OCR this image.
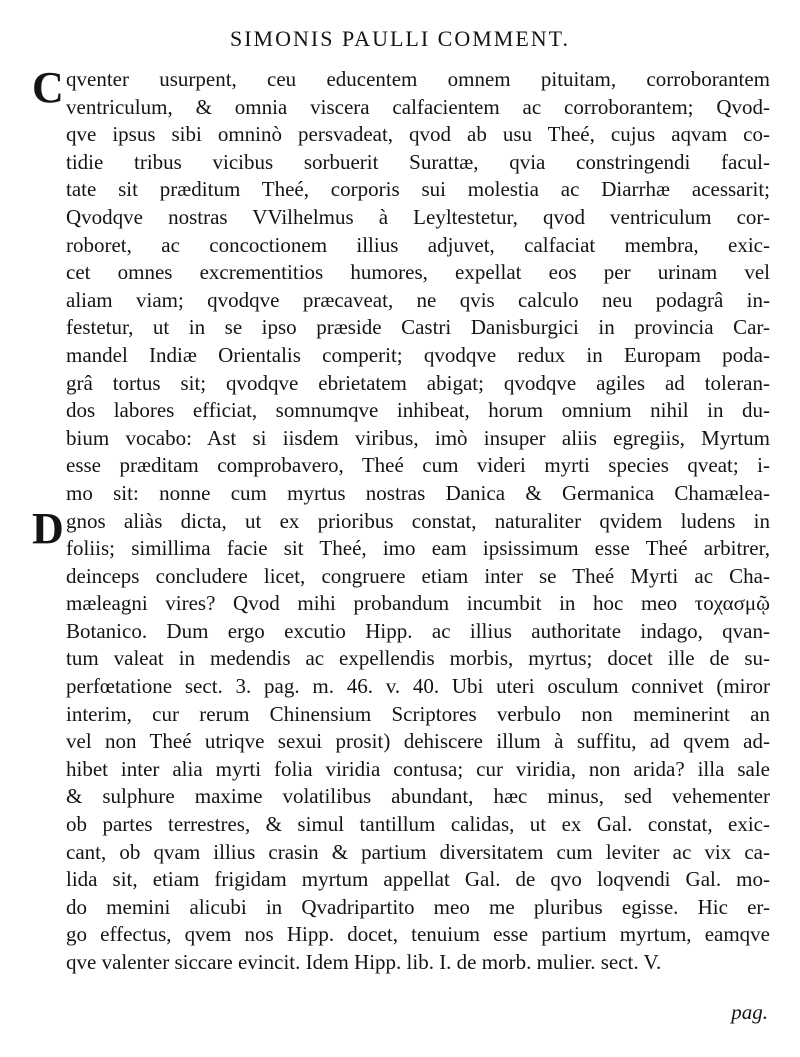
SIMONIS PAULLI COMMENT.
C
D
qventer usurpent, ceu educentem omnem pituitam, corroborantem
ventriculum, & omnia viscera calfacientem ac corroborantem; Qvod-
qve ipsus sibi omninò persvadeat, qvod ab usu Theé, cujus aqvam co-
tidie tribus vicibus sorbuerit Surattæ, qvia constringendi facul-
tate sit præditum Theé, corporis sui molestia ac Diarrhæ acessarit;
Qvodqve nostras VVilhelmus à Leyltestetur, qvod ventriculum cor-
roboret, ac concoctionem illius adjuvet, calfaciat membra, exic-
cet omnes excrementitios humores, expellat eos per urinam vel
aliam viam; qvodqve præcaveat, ne qvis calculo neu podagrâ in-
festetur, ut in se ipso præside Castri Danisburgici in provincia Car-
mandel Indiæ Orientalis comperit; qvodqve redux in Europam poda-
grâ tortus sit; qvodqve ebrietatem abigat; qvodqve agiles ad toleran-
dos labores efficiat, somnumqve inhibeat, horum omnium nihil in du-
bium vocabo: Ast si iisdem viribus, imò insuper aliis egregiis, Myrtum
esse præditam comprobavero, Theé cum videri myrti species qveat; i-
mo sit: nonne cum myrtus nostras Danica & Germanica Chamælea-
gnos aliàs dicta, ut ex prioribus constat, naturaliter qvidem ludens in
foliis; simillima facie sit Theé, imo eam ipsissimum esse Theé arbitrer,
deinceps concludere licet, congruere etiam inter se Theé Myrti ac Cha-
mæleagni vires? Qvod mihi probandum incumbit in hoc meo τοχασμῷ
Botanico. Dum ergo excutio Hipp. ac illius authoritate indago, qvan-
tum valeat in medendis ac expellendis morbis, myrtus; docet ille de su-
perfœtatione sect. 3. pag. m. 46. v. 40. Ubi uteri osculum connivet (miror
interim, cur rerum Chinensium Scriptores verbulo non meminerint an
vel non Theé utriqve sexui prosit) dehiscere illum à suffitu, ad qvem ad-
hibet inter alia myrti folia viridia contusa; cur viridia, non arida? illa sale
& sulphure maxime volatilibus abundant, hæc minus, sed vehementer
ob partes terrestres, & simul tantillum calidas, ut ex Gal. constat, exic-
cant, ob qvam illius crasin & partium diversitatem cum leviter ac vix ca-
lida sit, etiam frigidam myrtum appellat Gal. de qvo loqvendi Gal. mo-
do memini alicubi in Qvadripartito meo me pluribus egisse. Hic er-
go effectus, qvem nos Hipp. docet, tenuium esse partium myrtum, eamqve
qve valenter siccare evincit. Idem Hipp. lib. I. de morb. mulier. sect. V.
pag.
